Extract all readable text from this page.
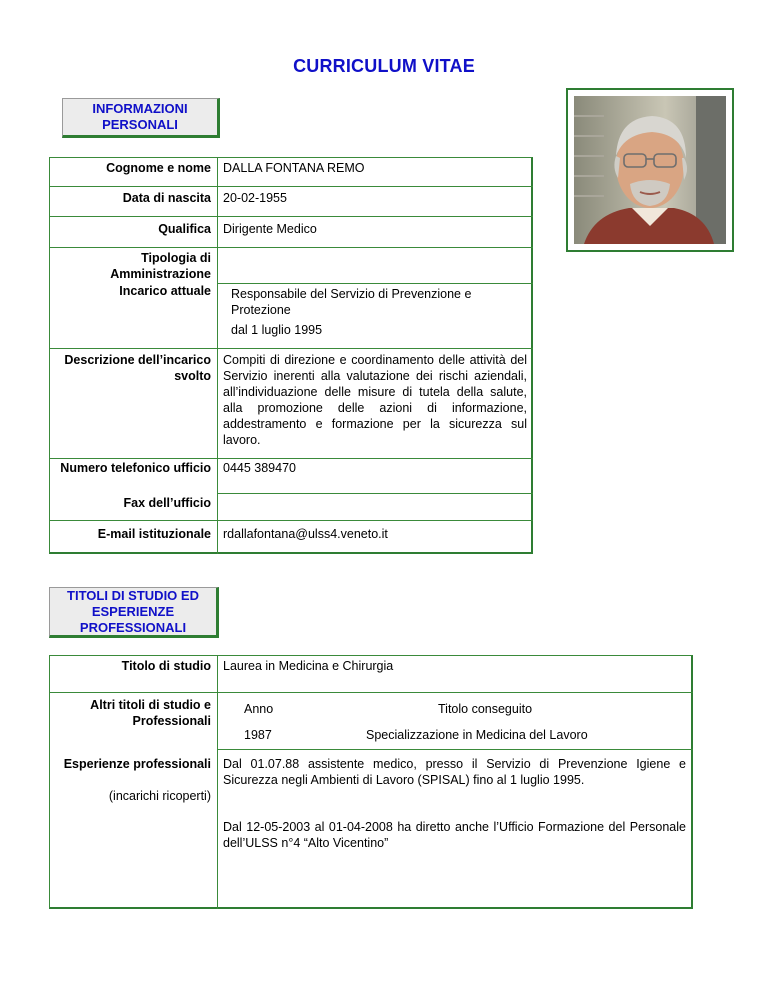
CURRICULUM VITAE
INFORMAZIONI PERSONALI
Cognome e nome DALLA FONTANA REMO
Data di nascita 20-02-1955
Qualifica Dirigente Medico
Tipologia di Amministrazione
Incarico attuale Responsabile del Servizio di Prevenzione e Protezione
dal 1 luglio 1995
Descrizione dell’incarico svolto
Compiti di direzione e coordinamento delle attività del Servizio inerenti alla valutazione dei rischi aziendali, all’individuazione delle misure di tutela della salute, alla promozione delle azioni di informazione, addestramento e formazione per la sicurezza sul lavoro.
Numero telefonico ufficio 0445 389470
Fax dell’ufficio
E-mail istituzionale rdallafontana@ulss4.veneto.it
TITOLI DI STUDIO ED ESPERIENZE PROFESSIONALI
Titolo di studio Laurea in Medicina e Chirurgia
Altri titoli di studio e Professionali
Anno	Titolo conseguito
1987	Specializzazione in Medicina del Lavoro
Esperienze professionali
(incarichi ricoperti)
Dal 01.07.88 assistente medico, presso il Servizio di Prevenzione Igiene e Sicurezza negli Ambienti di Lavoro (SPISAL) fino al 1 luglio 1995.
Dal 12-05-2003 al 01-04-2008 ha diretto anche l’Ufficio Formazione del Personale dell’ULSS n°4 “Alto Vicentino”
